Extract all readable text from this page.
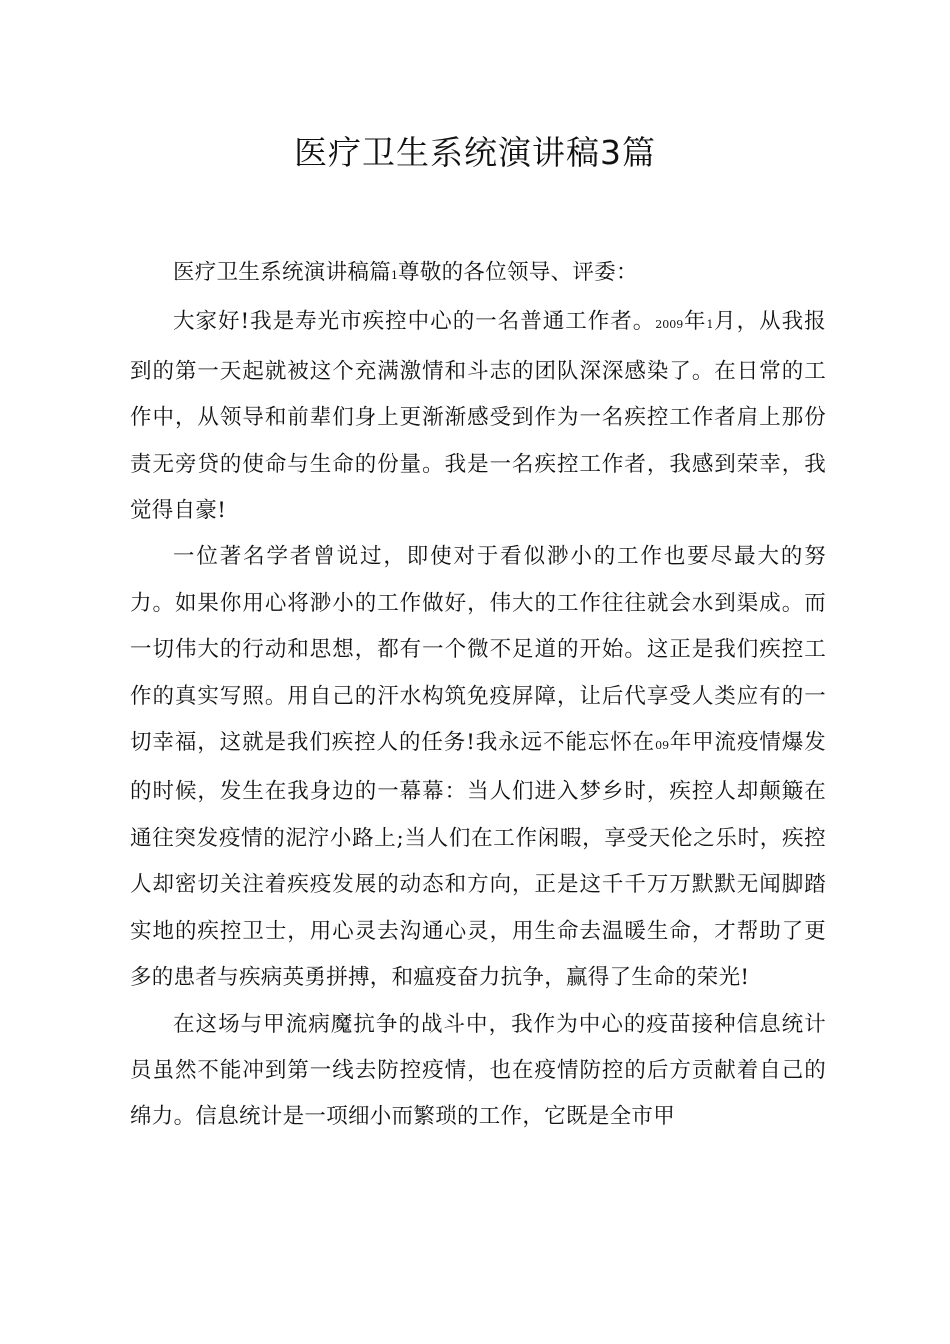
医疗卫生系统演讲稿3篇

医疗卫生系统演讲稿篇1尊敬的各位领导、评委：

大家好!我是寿光市疾控中心的一名普通工作者。2009年1月，从我报到的第一天起就被这个充满激情和斗志的团队深深感染了。在日常的工作中，从领导和前辈们身上更渐渐感受到作为一名疾控工作者肩上那份责无旁贷的使命与生命的份量。我是一名疾控工作者，我感到荣幸，我觉得自豪!

一位著名学者曾说过，即使对于看似渺小的工作也要尽最大的努力。如果你用心将渺小的工作做好，伟大的工作往往就会水到渠成。而一切伟大的行动和思想，都有一个微不足道的开始。这正是我们疾控工作的真实写照。用自己的汗水构筑免疫屏障，让后代享受人类应有的一切幸福，这就是我们疾控人的任务!我永远不能忘怀在09年甲流疫情爆发的时候，发生在我身边的一幕幕：当人们进入梦乡时，疾控人却颠簸在通往突发疫情的泥泞小路上;当人们在工作闲暇，享受天伦之乐时，疾控人却密切关注着疾疫发展的动态和方向，正是这千千万万默默无闻脚踏实地的疾控卫士，用心灵去沟通心灵，用生命去温暖生命，才帮助了更多的患者与疾病英勇拼搏，和瘟疫奋力抗争，赢得了生命的荣光!

在这场与甲流病魔抗争的战斗中，我作为中心的疫苗接种信息统计员虽然不能冲到第一线去防控疫情，也在疫情防控的后方贡献着自己的绵力。信息统计是一项细小而繁琐的工作，它既是全市甲
